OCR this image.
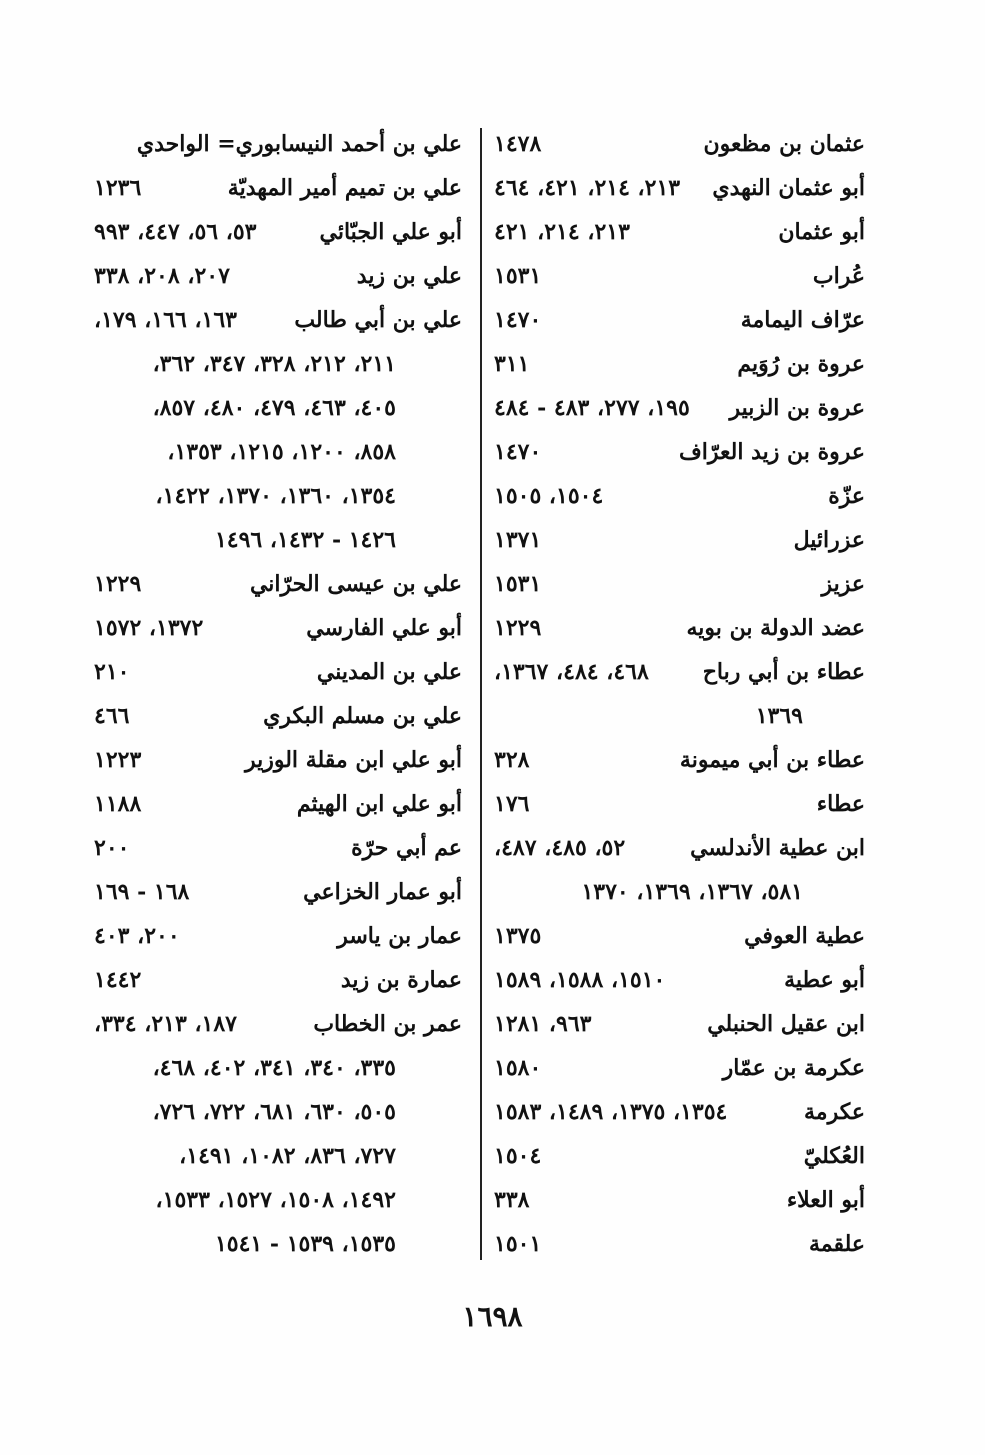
عثمان بن مظعون
١٤٧٨
أبو عثمان النهدي
٢١٣، ٢١٤، ٤٢١، ٤٦٤
أبو عثمان
٢١٣، ٢١٤، ٤٢١
عُراب
١٥٣١
عرّاف اليمامة
١٤٧٠
عروة بن رُوَيم
٣١١
عروة بن الزبير
١٩٥، ٢٧٧، ٤٨٣ - ٤٨٤
عروة بن زيد العرّاف
١٤٧٠
عزّة
١٥٠٤، ١٥٠٥
عزرائيل
١٣٧١
عزيز
١٥٣١
عضد الدولة بن بويه
١٢٢٩
عطاء بن أبي رباح
٤٦٨، ٤٨٤، ١٣٦٧،
١٣٦٩
عطاء بن أبي ميمونة
٣٢٨
عطاء
١٧٦
ابن عطية الأندلسي
٥٢، ٤٨٥، ٤٨٧،
٥٨١، ١٣٦٧، ١٣٦٩، ١٣٧٠
عطية العوفي
١٣٧٥
أبو عطية
١٥١٠، ١٥٨٨، ١٥٨٩
ابن عقيل الحنبلي
٩٦٣، ١٢٨١
عكرمة بن عمّار
١٥٨٠
عكرمة
١٣٥٤، ١٣٧٥، ١٤٨٩، ١٥٨٣
العُكليّ
١٥٠٤
أبو العلاء
٣٣٨
علقمة
١٥٠١
علي بن أحمد النيسابوري= الواحدي
علي بن تميم أمير المهديّة
١٢٣٦
أبو علي الجبّائي
٥٣، ٥٦، ٤٤٧، ٩٩٣
علي بن زيد
٢٠٧، ٢٠٨، ٣٣٨
علي بن أبي طالب
١٦٣، ١٦٦، ١٧٩،
٢١١، ٢١٢، ٣٢٨، ٣٤٧، ٣٦٢،
٤٠٥، ٤٦٣، ٤٧٩، ٤٨٠، ٨٥٧،
٨٥٨، ١٢٠٠، ١٢١٥، ١٣٥٣،
١٣٥٤، ١٣٦٠، ١٣٧٠، ١٤٢٢،
١٤٢٦ - ١٤٣٢، ١٤٩٦
علي بن عيسى الحرّاني
١٢٢٩
أبو علي الفارسي
١٣٧٢، ١٥٧٢
علي بن المديني
٢١٠
علي بن مسلم البكري
٤٦٦
أبو علي ابن مقلة الوزير
١٢٢٣
أبو علي ابن الهيثم
١١٨٨
عم أبي حرّة
٢٠٠
أبو عمار الخزاعي
١٦٨ - ١٦٩
عمار بن ياسر
٢٠٠، ٤٠٣
عمارة بن زيد
١٤٤٢
عمر بن الخطاب
١٨٧، ٢١٣، ٣٣٤،
٣٣٥، ٣٤٠، ٣٤١، ٤٠٢، ٤٦٨،
٥٠٥، ٦٣٠، ٦٨١، ٧٢٢، ٧٢٦،
٧٢٧، ٨٣٦، ١٠٨٢، ١٤٩١،
١٤٩٢، ١٥٠٨، ١٥٢٧، ١٥٣٣،
١٥٣٥، ١٥٣٩ - ١٥٤١
١٦٩٨
